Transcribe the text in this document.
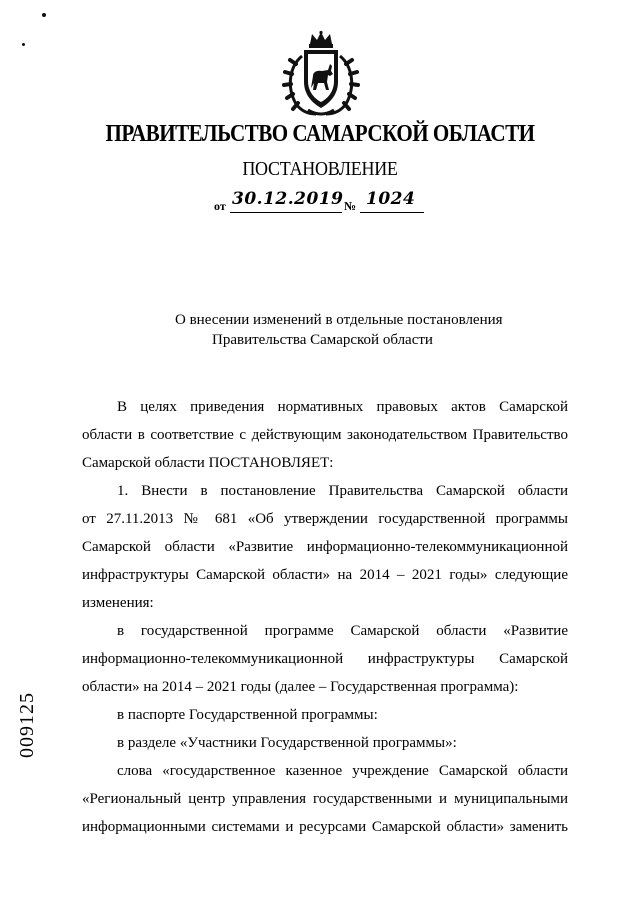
ПРАВИТЕЛЬСТВО САМАРСКОЙ ОБЛАСТИ
ПОСТАНОВЛЕНИЕ
от 30.12.2019 № 1024
О внесении изменений в отдельные постановления
Правительства Самарской области
В целях приведения нормативных правовых актов Самарской
области в соответствие с действующим законодательством Правительство
Самарской области ПОСТАНОВЛЯЕТ:
1. Внести в постановление Правительства Самарской области
от 27.11.2013 № 681 «Об утверждении государственной программы
Самарской области «Развитие информационно-телекоммуникационной
инфраструктуры Самарской области» на 2014 – 2021 годы» следующие
изменения:
в государственной программе Самарской области «Развитие
информационно-телекоммуникационной инфраструктуры Самарской
области» на 2014 – 2021 годы (далее – Государственная программа):
в паспорте Государственной программы:
в разделе «Участники Государственной программы»:
слова «государственное казенное учреждение Самарской области
«Региональный центр управления государственными и муниципальными
информационными системами и ресурсами Самарской области» заменить
009125
